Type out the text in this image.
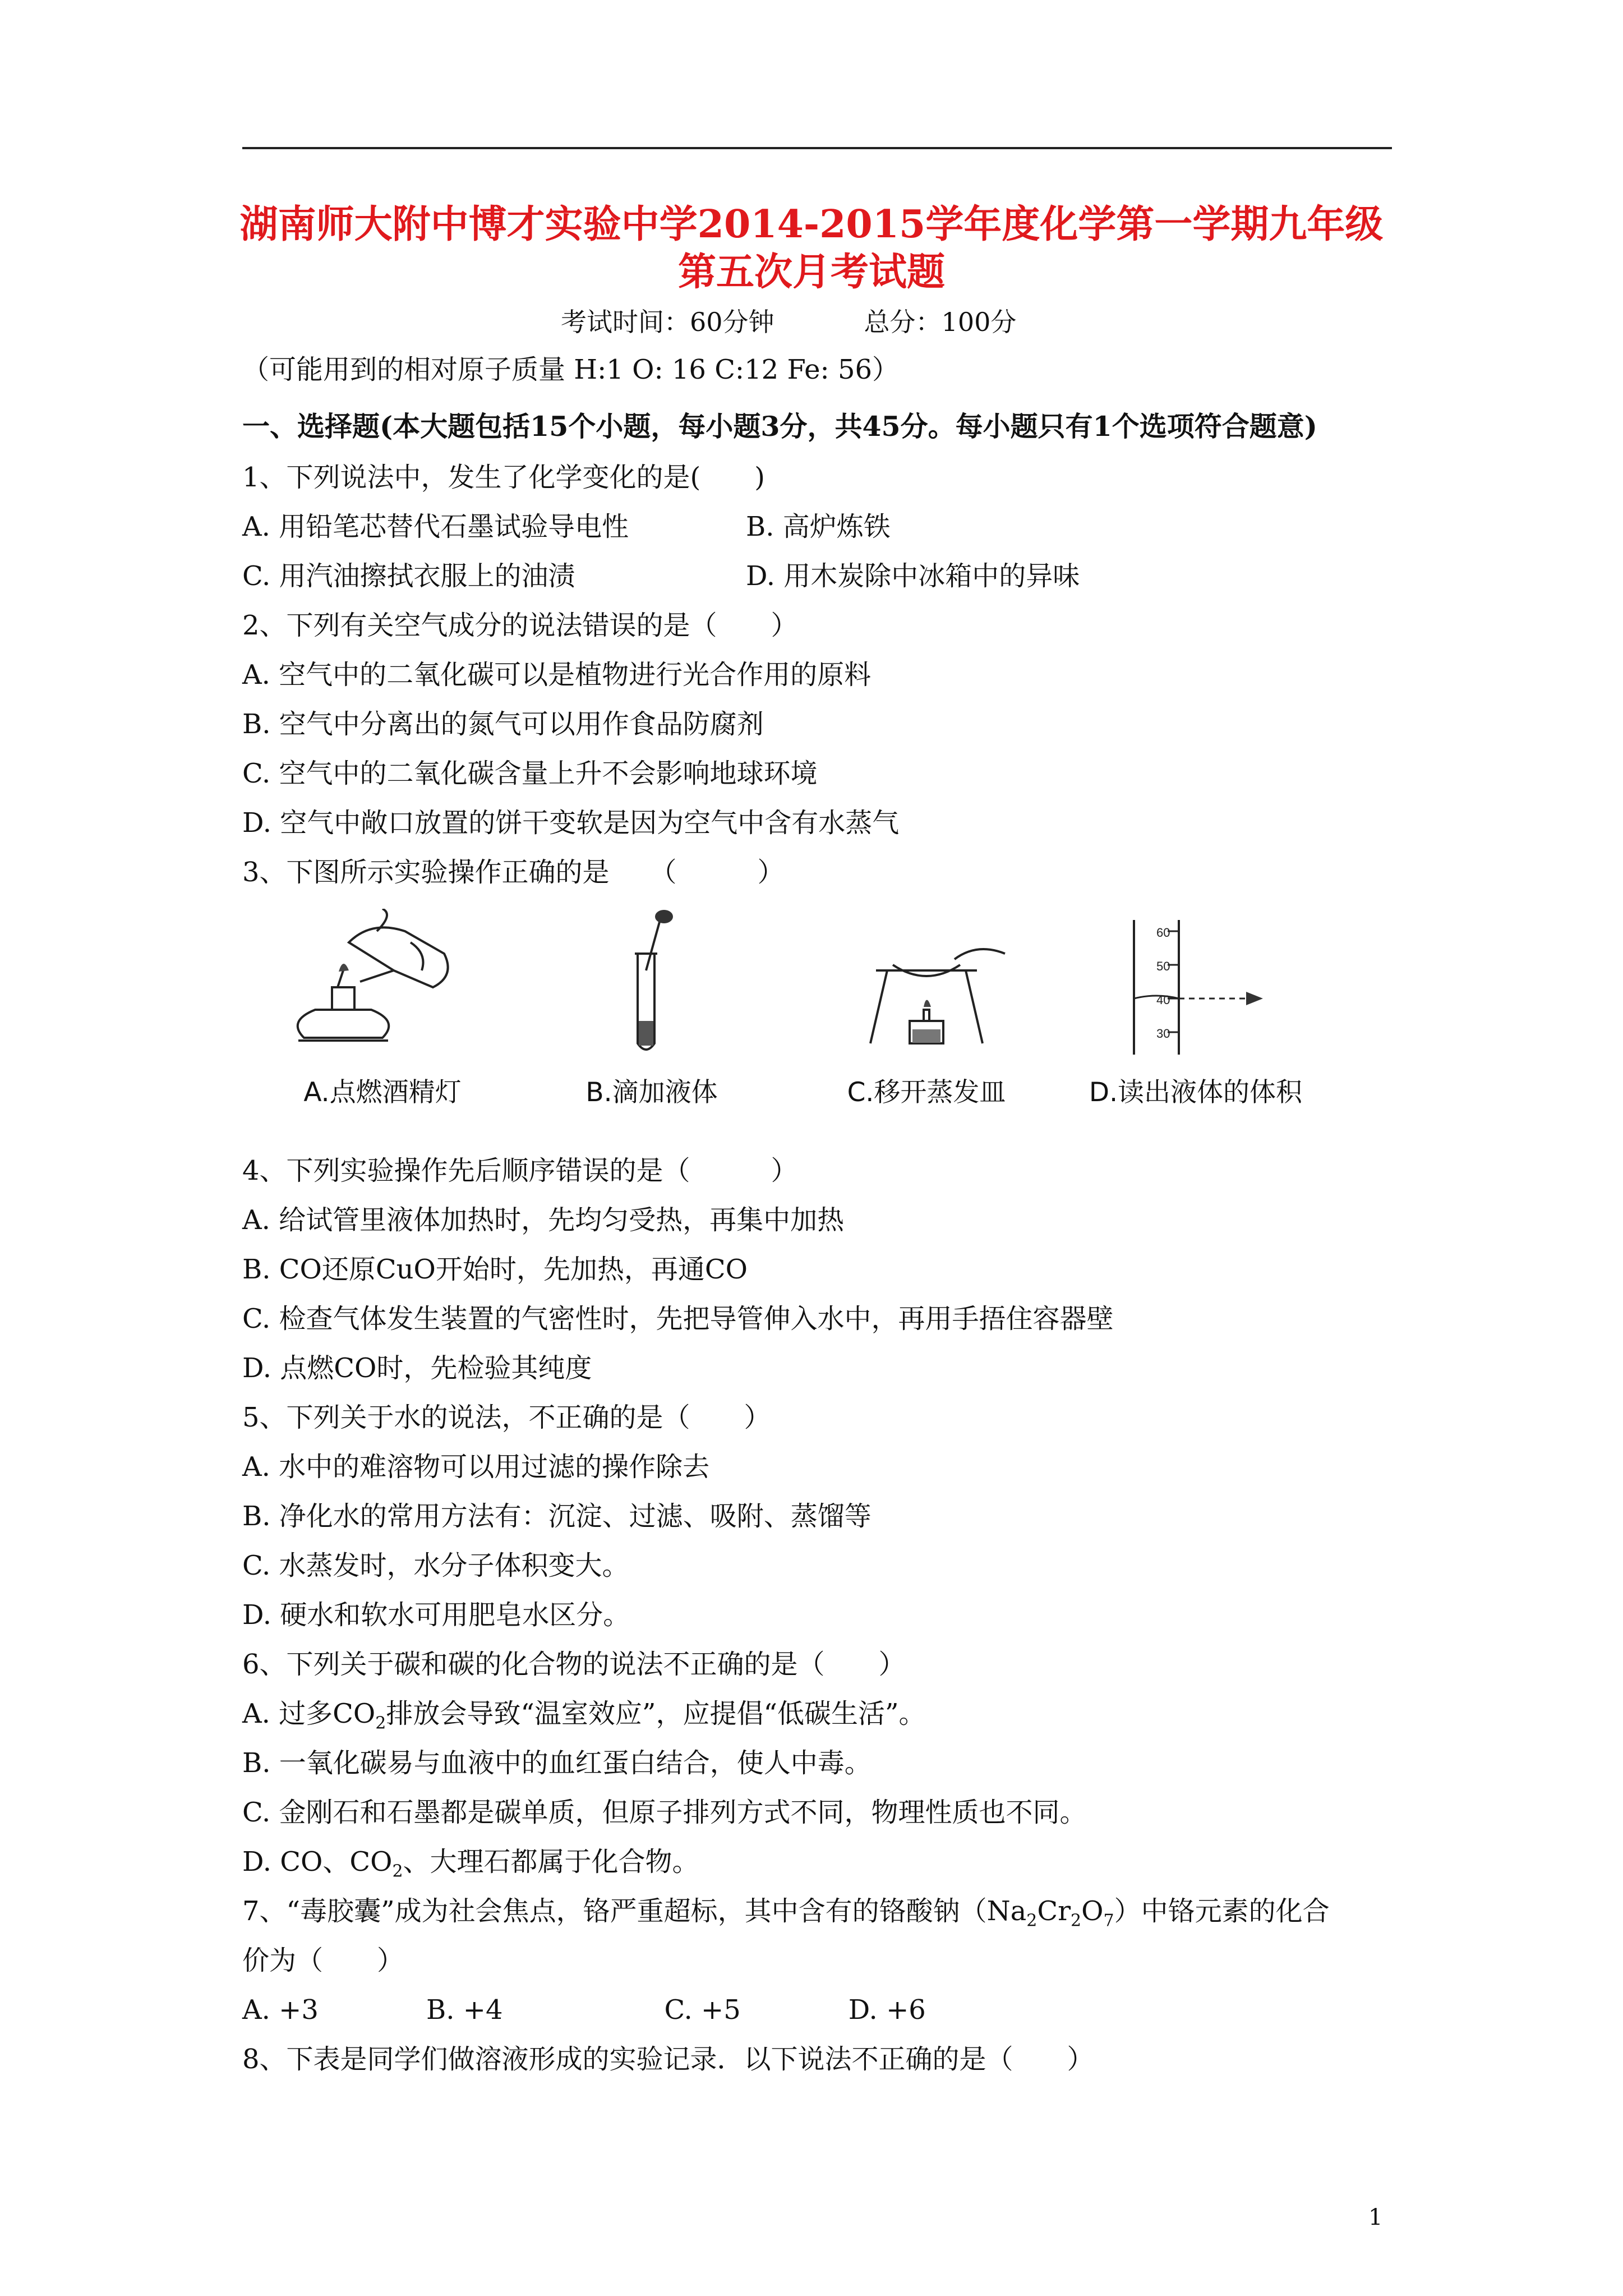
湖南师大附中博才实验中学2014-2015学年度化学第一学期九年级
第五次月考试题
考试时间：60分钟	总分：100分
（可能用到的相对原子质量 H:1 O: 16 C:12 Fe: 56）
一、选择题(本大题包括15个小题，每小题3分，共45分。每小题只有1个选项符合题意)
1、下列说法中，发生了化学变化的是(　　)
A. 用铅笔芯替代石墨试验导电性	B. 高炉炼铁
C. 用汽油擦拭衣服上的油渍	D. 用木炭除中冰箱中的异味
2、下列有关空气成分的说法错误的是（　　）
A. 空气中的二氧化碳可以是植物进行光合作用的原料
B. 空气中分离出的氮气可以用作食品防腐剂
C. 空气中的二氧化碳含量上升不会影响地球环境
D. 空气中敞口放置的饼干变软是因为空气中含有水蒸气
3、下图所示实验操作正确的是　　（　　　）
A.点燃酒精灯	B.滴加液体	C.移开蒸发皿
60
50
40
30
D.读出液体的体积
4、下列实验操作先后顺序错误的是（　　　）
A. 给试管里液体加热时，先均匀受热，再集中加热
B. CO还原CuO开始时，先加热，再通CO
C. 检查气体发生装置的气密性时，先把导管伸入水中，再用手捂住容器壁
D. 点燃CO时，先检验其纯度
5、下列关于水的说法，不正确的是（　　）
A. 水中的难溶物可以用过滤的操作除去
B. 净化水的常用方法有：沉淀、过滤、吸附、蒸馏等
C. 水蒸发时，水分子体积变大。
D. 硬水和软水可用肥皂水区分。
6、下列关于碳和碳的化合物的说法不正确的是（　　）
A. 过多$CO_2$排放会导致“温室效应”，应提倡“低碳生活”。
B. 一氧化碳易与血液中的血红蛋白结合，使人中毒。
C. 金刚石和石墨都是碳单质，但原子排列方式不同，物理性质也不同。
D. CO、$CO_2$、大理石都属于化合物。
7、“毒胶囊”成为社会焦点，铬严重超标，其中含有的铬酸钠$(Na_2Cr_2O_7)$中铬元素的化合
价为（　　）
A. +3　　　　B. +4　　　　　　C. +5　　　　D. +6
8、下表是同学们做溶液形成的实验记录．以下说法不正确的是（　　）
1
